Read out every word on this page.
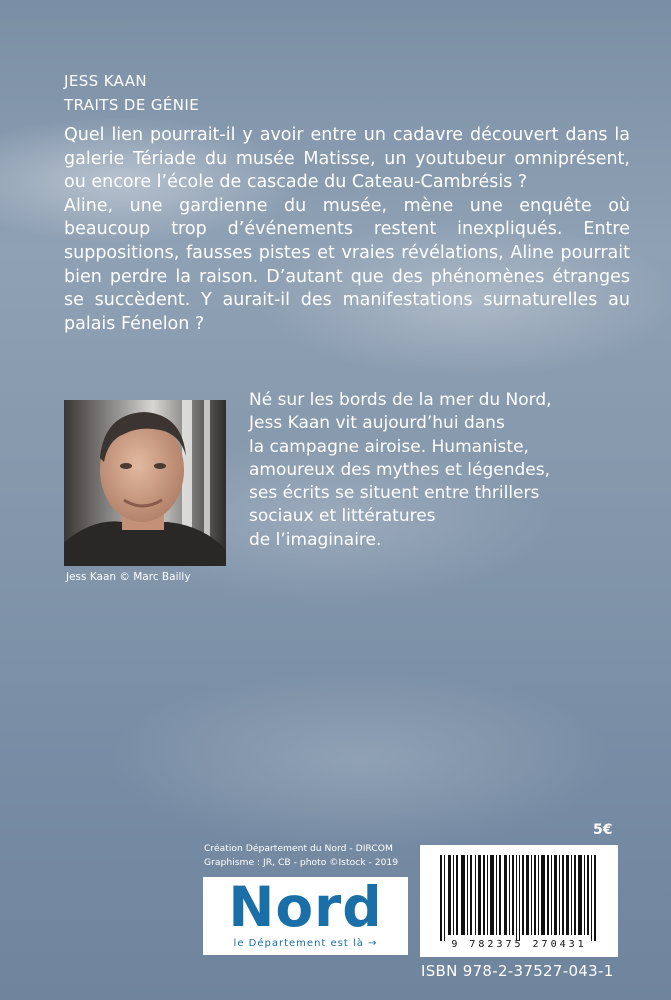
JESS KAAN
TRAITS DE GÉNIE

Quel lien pourrait-il y avoir entre un cadavre découvert dans la galerie Tériade du musée Matisse, un youtubeur omniprésent, ou encore l’école de cascade du Cateau-Cambrésis ?

Aline, une gardienne du musée, mène une enquête où beaucoup trop d’événements restent inexpliqués. Entre suppositions, fausses pistes et vraies révélations, Aline pourrait bien perdre la raison. D’autant que des phénomènes étranges se succèdent. Y aurait-il des manifestations surnaturelles au palais Fénelon ?

Jess Kaan © Marc Bailly
Né sur les bords de la mer du Nord,
Jess Kaan vit aujourd’hui dans
la campagne airoise. Humaniste,
amoureux des mythes et légendes,
ses écrits se situent entre thrillers
sociaux et littératures
de l’imaginaire.
5€
Création Département du Nord - DIRCOM
Graphisme : JR, CB - photo ©Istock - 2019
Nord
le Département est là →	9 782375 270431
ISBN 978-2-37527-043-1
